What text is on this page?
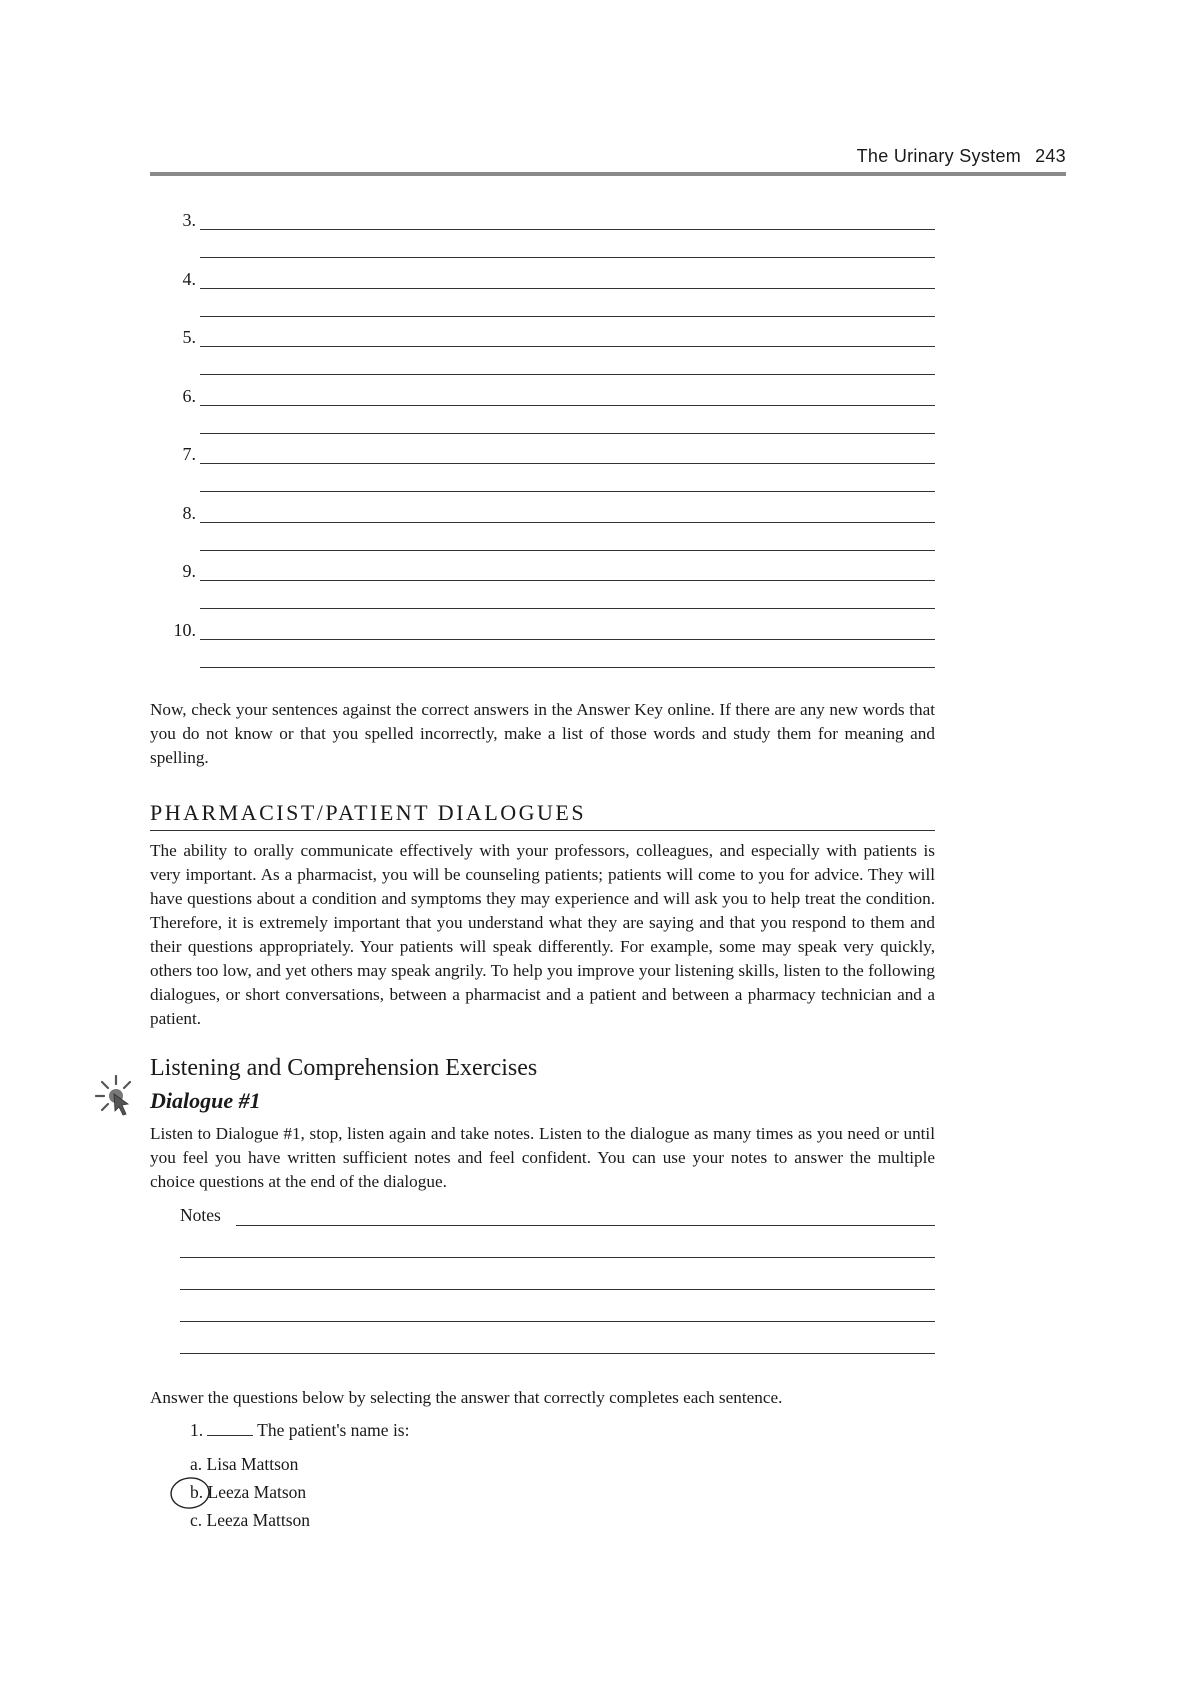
The Urinary System 243
3.
4.
5.
6.
7.
8.
9.
10.
Now, check your sentences against the correct answers in the Answer Key online. If there are any new words that you do not know or that you spelled incorrectly, make a list of those words and study them for meaning and spelling.
PHARMACIST/PATIENT DIALOGUES
The ability to orally communicate effectively with your professors, colleagues, and especially with patients is very important. As a pharmacist, you will be counseling patients; patients will come to you for advice. They will have questions about a condition and symptoms they may experience and will ask you to help treat the condition. Therefore, it is extremely important that you understand what they are saying and that you respond to them and their questions appropriately. Your patients will speak differently. For example, some may speak very quickly, others too low, and yet others may speak angrily. To help you improve your listening skills, listen to the following dialogues, or short conversations, between a pharmacist and a patient and between a pharmacy technician and a patient.
Listening and Comprehension Exercises
Dialogue #1
Listen to Dialogue #1, stop, listen again and take notes. Listen to the dialogue as many times as you need or until you feel you have written sufficient notes and feel confident. You can use your notes to answer the multiple choice questions at the end of the dialogue.
Notes
Answer the questions below by selecting the answer that correctly completes each sentence.
1.	The patient's name is:
a. Lisa Mattson
b. Leeza Matson
c. Leeza Mattson
